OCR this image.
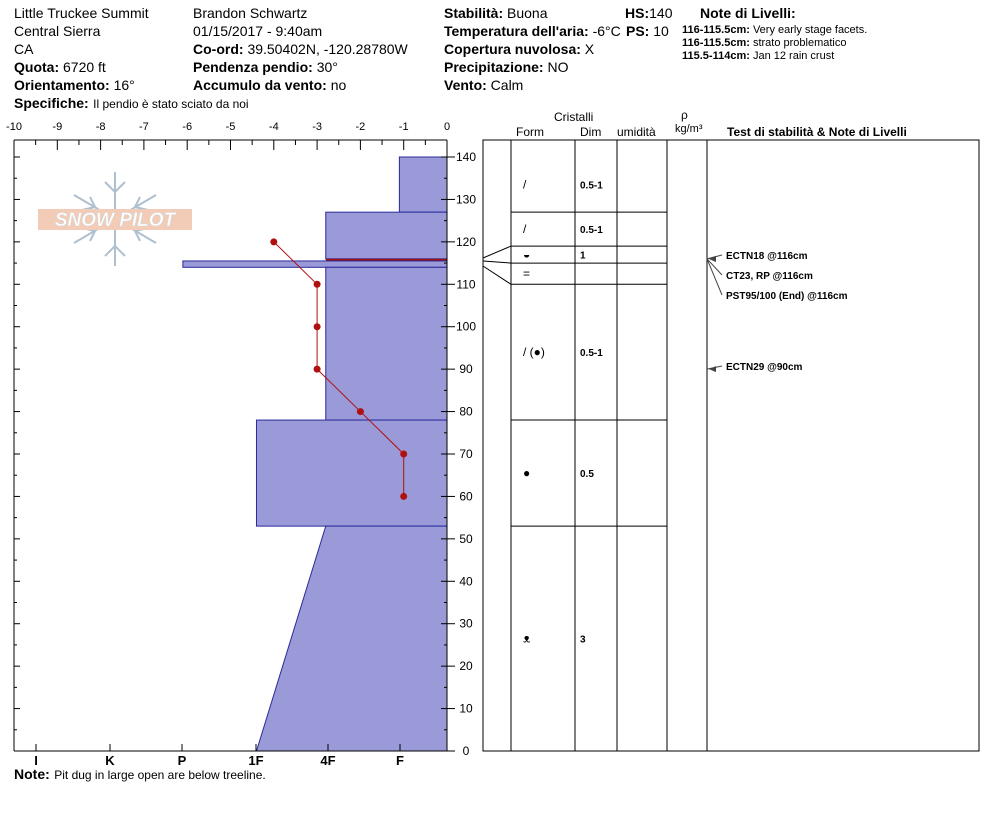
Little Truckee Summit
Central Sierra
CA
Quota: 6720 ft
Orientamento: 16°
Specifiche: Il pendio è stato sciato da noi
Brandon Schwartz
01/15/2017 - 9:40am
Co-ord: 39.50402N, -120.28780W
Pendenza pendio: 30°
Accumulo da vento: no
Stabilità: Buona
Temperatura dell'aria: -6°C
Copertura nuvolosa: X
Precipitazione: NO
Vento: Calm
HS:140
PS: 10
Note di Livelli:
116-115.5cm: Very early stage facets.
116-115.5cm: strato problematico
115.5-114cm: Jan 12 rain crust
Cristalli
Form	Dim umidità
ρ
kg/m³ Test di stabilità & Note di Livelli
Note: Pit dug in large open are below treeline.
SNOW PILOT
-10	-9	-8	-7	-6	-5	-4	-3	-2	-1	0
0
10
20
30
40
50
60
70
80
90
100
110
120
130
140
I	K	P	1F	4F	F
/	0.5-1
/	0.5-1
◒	1
=
/ (●)	0.5-1
●	0.5
ᴥ	3
ECTN18 @116cm
CT23, RP @116cm
PST95/100 (End) @116cm
ECTN29 @90cm
